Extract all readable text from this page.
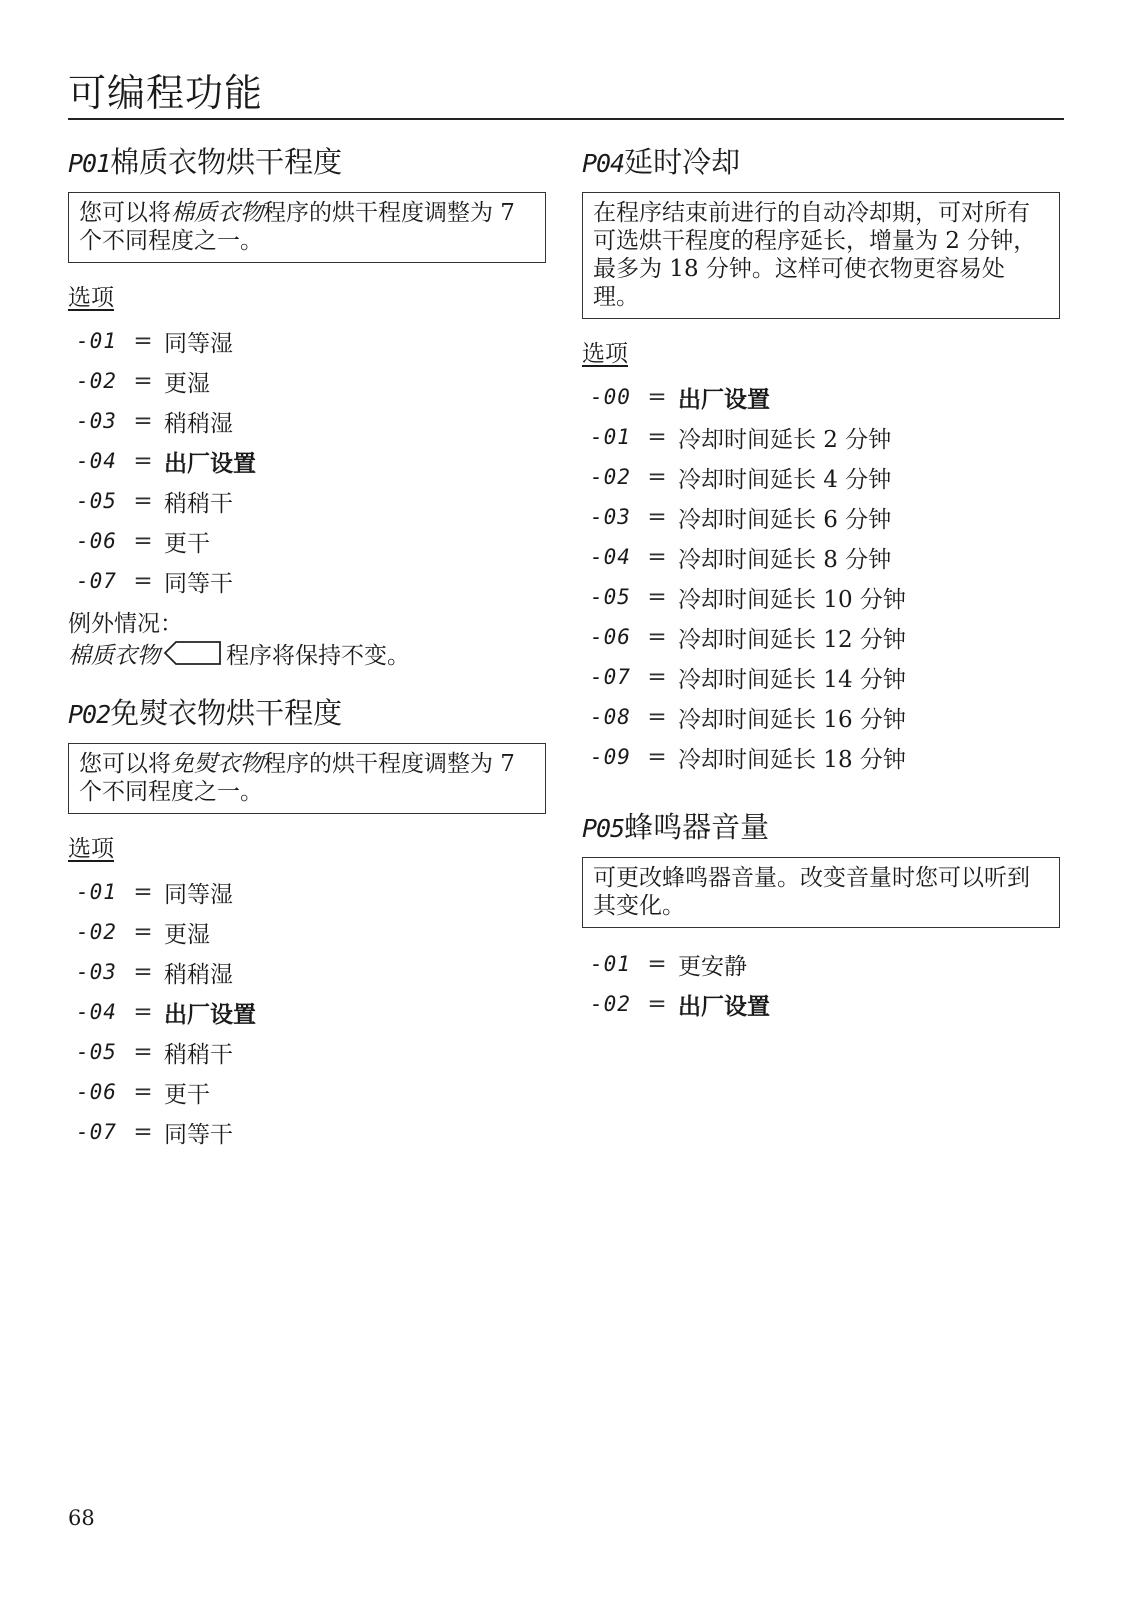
可编程功能
P01棉质衣物烘干程度
您可以将棉质衣物程序的烘干程度调整为 7 个不同程度之一。
选项
-01 = 同等湿
-02 = 更湿
-03 = 稍稍湿
-04 = 出厂设置
-05 = 稍稍干
-06 = 更干
-07 = 同等干
例外情况：
棉质衣物	程序将保持不变。
P02免熨衣物烘干程度
您可以将免熨衣物程序的烘干程度调整为 7 个不同程度之一。
选项
-01 = 同等湿
-02 = 更湿
-03 = 稍稍湿
-04 = 出厂设置
-05 = 稍稍干
-06 = 更干
-07 = 同等干
P04延时冷却
在程序结束前进行的自动冷却期，可对所有可选烘干程度的程序延长，增量为 2 分钟，最多为 18 分钟。这样可使衣物更容易处理。
选项
-00 = 出厂设置
-01 = 冷却时间延长 2 分钟
-02 = 冷却时间延长 4 分钟
-03 = 冷却时间延长 6 分钟
-04 = 冷却时间延长 8 分钟
-05 = 冷却时间延长 10 分钟
-06 = 冷却时间延长 12 分钟
-07 = 冷却时间延长 14 分钟
-08 = 冷却时间延长 16 分钟
-09 = 冷却时间延长 18 分钟
P05蜂鸣器音量
可更改蜂鸣器音量。改变音量时您可以听到其变化。
-01 = 更安静
-02 = 出厂设置
68
